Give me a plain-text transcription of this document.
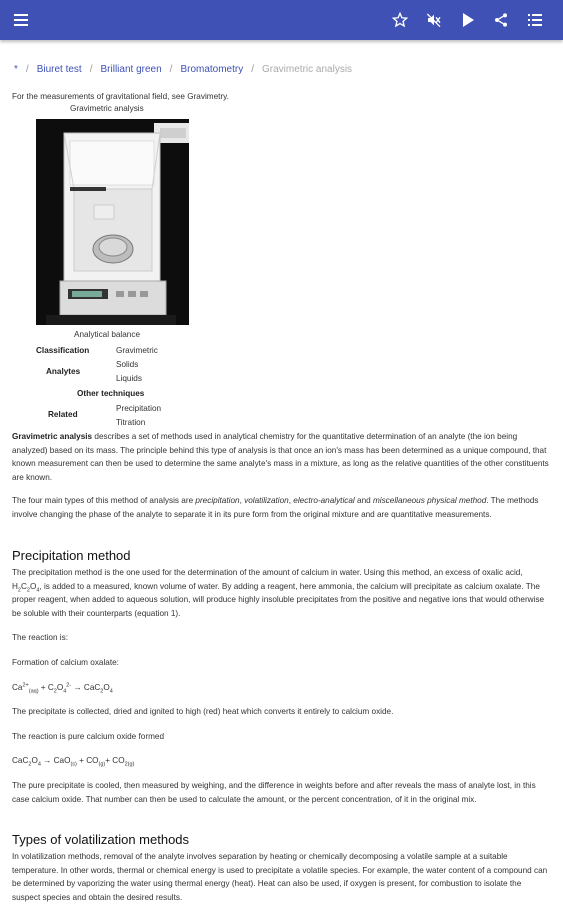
* / Biuret test / Brilliant green / Bromatometry / Gravimetric analysis
For the measurements of gravitational field, see Gravimetry.
Gravimetric analysis
Analytical balance
Classification	Gravimetric
Analytes
Solids
Liquids
Other techniques
Related
Precipitation
Titration
Gravimetric analysis describes a set of methods used in analytical chemistry for the quantitative determination of an analyte (the ion being analyzed) based on its mass. The principle behind this type of analysis is that once an ion's mass has been determined as a unique compound, that known measurement can then be used to determine the same analyte's mass in a mixture, as long as the relative quantities of the other constituents are known.
The four main types of this method of analysis are precipitation, volatilization, electro-analytical and miscellaneous physical method. The methods involve changing the phase of the analyte to separate it in its pure form from the original mixture and are quantitative measurements.
Precipitation method
The precipitation method is the one used for the determination of the amount of calcium in water. Using this method, an excess of oxalic acid, $H_2C_2O_4$, is added to a measured, known volume of water. By adding a reagent, here ammonia, the calcium will precipitate as calcium oxalate. The proper reagent, when added to aqueous solution, will produce highly insoluble precipitates from the positive and negative ions that would otherwise be soluble with their counterparts (equation 1).
The reaction is:
Formation of calcium oxalate:
$Ca^{2+}_{(aq)} + C_2O_4^{2-} \to CaC_2O_4$
The precipitate is collected, dried and ignited to high (red) heat which converts it entirely to calcium oxide.
The reaction is pure calcium oxide formed
$CaC_2O_4 \to CaO_{(s)} + CO_{(g)}+ CO_{2(g)}$
The pure precipitate is cooled, then measured by weighing, and the difference in weights before and after reveals the mass of analyte lost, in this case calcium oxide. That number can then be used to calculate the amount, or the percent concentration, of it in the original mix.
Types of volatilization methods
In volatilization methods, removal of the analyte involves separation by heating or chemically decomposing a volatile sample at a suitable temperature. In other words, thermal or chemical energy is used to precipitate a volatile species. For example, the water content of a compound can be determined by vaporizing the water using thermal energy (heat). Heat can also be used, if oxygen is present, for combustion to isolate the suspect species and obtain the desired results.
